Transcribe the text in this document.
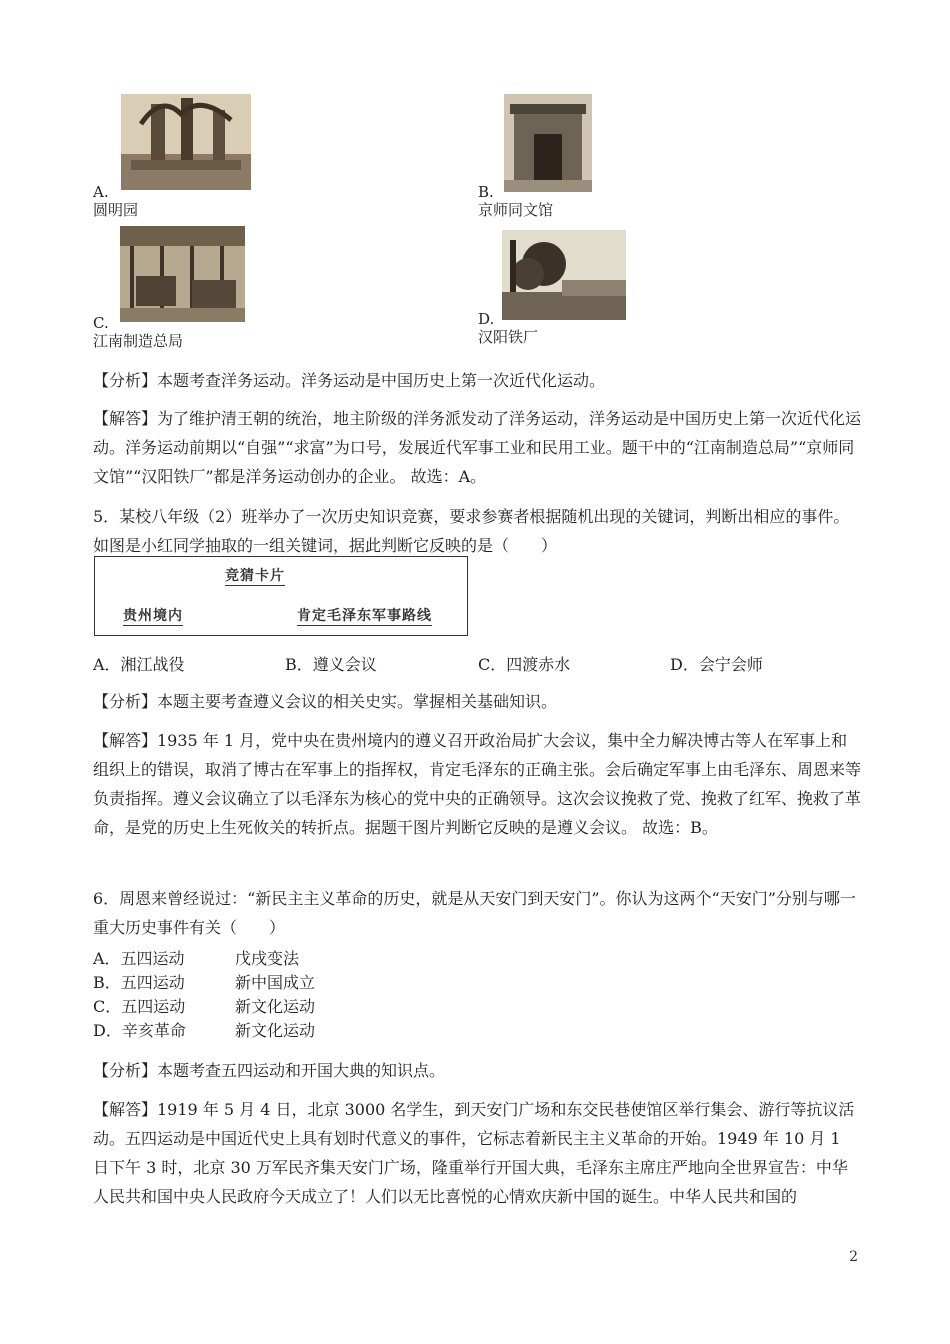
A.
圆明园
B.
京师同文馆
C.
江南制造总局
D.
汉阳铁厂
【分析】本题考查洋务运动。洋务运动是中国历史上第一次近代化运动。
【解答】为了维护清王朝的统治，地主阶级的洋务派发动了洋务运动，洋务运动是中国历史上第一次近代化运动。洋务运动前期以“自强”“求富”为口号，发展近代军事工业和民用工业。题干中的“江南制造总局”“京师同文馆”“汉阳铁厂”都是洋务运动创办的企业。 故选：A。
5．某校八年级（2）班举办了一次历史知识竞赛，要求参赛者根据随机出现的关键词，判断出相应的事件。如图是小红同学抽取的一组关键词，据此判断它反映的是（　　）
竞猜卡片
贵州境内	肯定毛泽东军事路线
A．湘江战役	B．遵义会议	C．四渡赤水	D．会宁会师
【分析】本题主要考查遵义会议的相关史实。掌握相关基础知识。
【解答】1935 年 1 月，党中央在贵州境内的遵义召开政治局扩大会议，集中全力解决博古等人在军事上和组织上的错误，取消了博古在军事上的指挥权，肯定毛泽东的正确主张。会后确定军事上由毛泽东、周恩来等负责指挥。遵义会议确立了以毛泽东为核心的党中央的正确领导。这次会议挽救了党、挽救了红军、挽救了革命，是党的历史上生死攸关的转折点。据题干图片判断它反映的是遵义会议。 故选：B。
6．周恩来曾经说过：“新民主主义革命的历史，就是从天安门到天安门”。你认为这两个“天安门”分别与哪一重大历史事件有关（　　）
A．五四运动	戊戌变法
B．五四运动	新中国成立
C．五四运动	新文化运动
D．辛亥革命	新文化运动
【分析】本题考查五四运动和开国大典的知识点。
【解答】1919 年 5 月 4 日，北京 3000 名学生，到天安门广场和东交民巷使馆区举行集会、游行等抗议活动。五四运动是中国近代史上具有划时代意义的事件，它标志着新民主主义革命的开始。1949 年 10 月 1 日下午 3 时，北京 30 万军民齐集天安门广场，隆重举行开国大典，毛泽东主席庄严地向全世界宣告：中华人民共和国中央人民政府今天成立了！人们以无比喜悦的心情欢庆新中国的诞生。中华人民共和国的
2
